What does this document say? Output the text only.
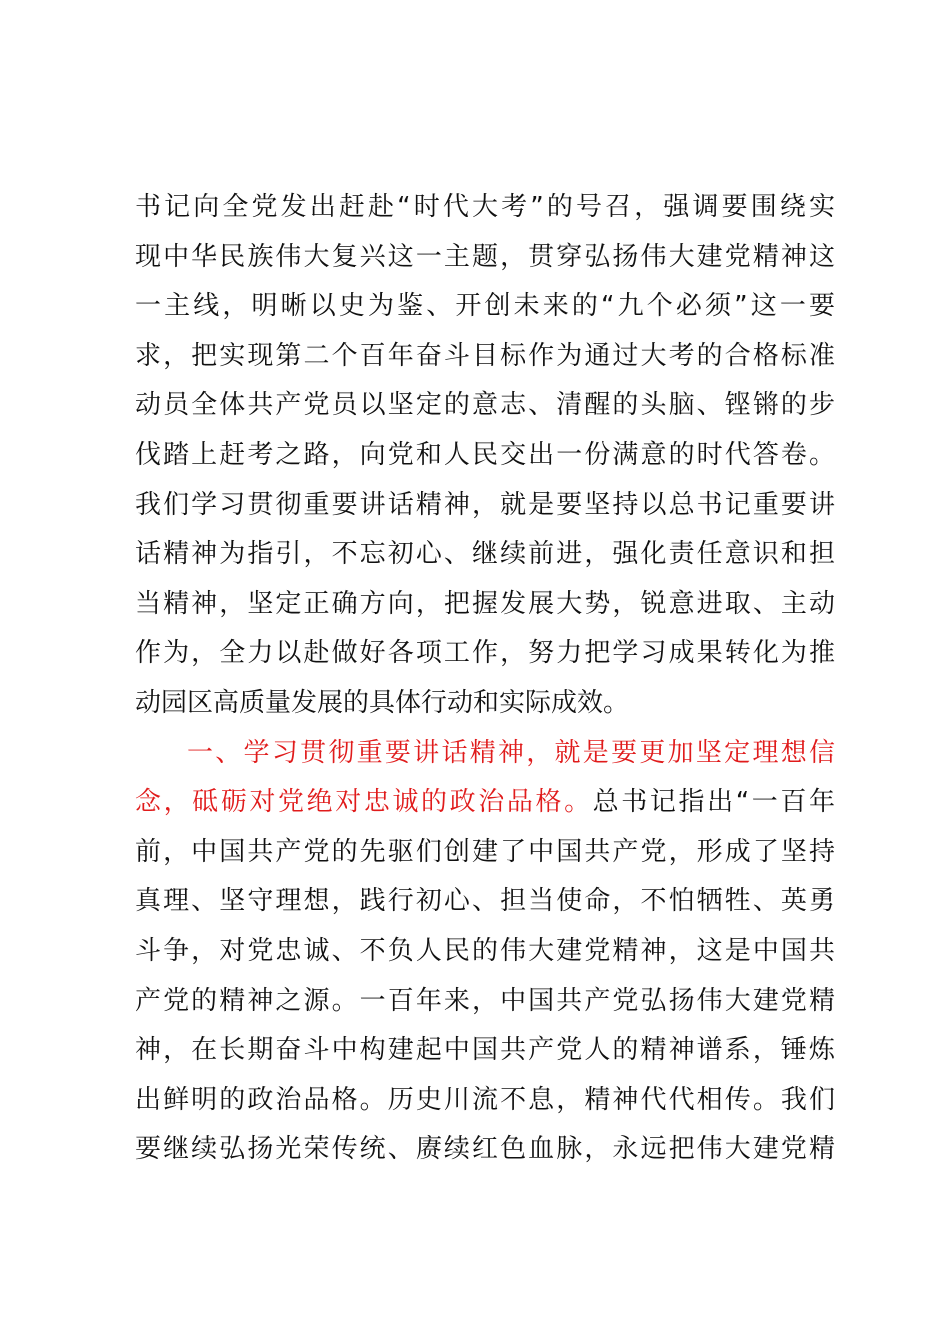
书记向全党发出赶赴“时代大考”的号召，强调要围绕实
现中华民族伟大复兴这一主题，贯穿弘扬伟大建党精神这
一主线，明晰以史为鉴、开创未来的“九个必须”这一要
求，把实现第二个百年奋斗目标作为通过大考的合格标准
动员全体共产党员以坚定的意志、清醒的头脑、铿锵的步
伐踏上赶考之路，向党和人民交出一份满意的时代答卷。
我们学习贯彻重要讲话精神，就是要坚持以总书记重要讲
话精神为指引，不忘初心、继续前进，强化责任意识和担
当精神，坚定正确方向，把握发展大势，锐意进取、主动
作为，全力以赴做好各项工作，努力把学习成果转化为推
动园区高质量发展的具体行动和实际成效。
一、学习贯彻重要讲话精神，就是要更加坚定理想信
念，砥砺对党绝对忠诚的政治品格。总书记指出“一百年
前，中国共产党的先驱们创建了中国共产党，形成了坚持
真理、坚守理想，践行初心、担当使命，不怕牺牲、英勇
斗争，对党忠诚、不负人民的伟大建党精神，这是中国共
产党的精神之源。一百年来，中国共产党弘扬伟大建党精
神，在长期奋斗中构建起中国共产党人的精神谱系，锤炼
出鲜明的政治品格。历史川流不息，精神代代相传。我们
要继续弘扬光荣传统、赓续红色血脉，永远把伟大建党精
